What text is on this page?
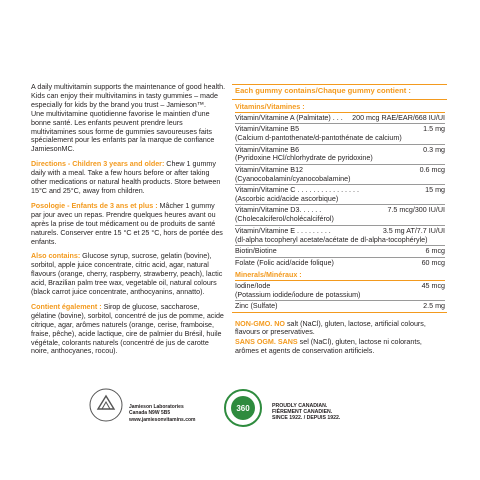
A daily multivitamin supports the maintenance of good health. Kids can enjoy their multivitamins in tasty gummies – made especially for kids by the brand you trust – Jamieson™.

Une multivitamine quotidienne favorise le maintien d’une bonne santé. Les enfants peuvent prendre leurs multivitamines sous forme de gummies savoureuses faits spécialement pour les enfants par la marque de confiance JamiesonMC.

Directions - Children 3 years and older: Chew 1 gummy daily with a meal. Take a few hours before or after taking other medications or natural health products. Store between 15°C and 25°C, away from children.

Posologie - Enfants de 3 ans et plus : Mâcher 1 gummy par jour avec un repas. Prendre quelques heures avant ou après la prise de tout médicament ou de produits de santé naturels. Conserver entre 15 °C et 25 °C, hors de portée des enfants.

Also contains: Glucose syrup, sucrose, gelatin (bovine), sorbitol, apple juice concentrate, citric acid, agar, natural flavours (orange, cherry, raspberry, strawberry, peach), lactic acid, Brazilian palm tree wax, vegetable oil, natural colours (black carrot juice concentrate, anthocyanins, annatto).

Contient également : Sirop de glucose, saccharose, gélatine (bovine), sorbitol, concentré de jus de pomme, acide citrique, agar, arômes naturels (orange, cerise, framboise, fraise, pêche), acide lactique, cire de palmier du Brésil, huile végétale, colorants naturels (concentré de jus de carotte noire, anthocyanes, rocou).

Each gummy contains/Chaque gummy contient :
Vitamins/Vitamines :
Vitamin/Vitamine A (Palmitate) . . . 200 mcg RAE/EAR/668 IU/UI
Vitamin/Vitamine B5	1.5 mg
(Calcium d-pantothenate/d-pantothénate de calcium)
Vitamin/Vitamine B6	0.3 mg
(Pyridoxine HCl/chlorhydrate de pyridoxine)
Vitamin/Vitamine B12	0.6 mcg
(Cyanocobalamin/cyanocobalamine)
Vitamin/Vitamine C . . . . . . . . . . . . . . . .	15 mg
(Ascorbic acid/acide ascorbique)
Vitamin/Vitamine D3. . . . . .	7.5 mcg/300 IU/UI
(Cholecalciferol/cholécalciférol)
Vitamin/Vitamine E . . . . . . . . .	3.5 mg AT/7.7 IU/UI
(dl-alpha tocopheryl acetate/acétate de dl-alpha-tocophéryle)
Biotin/Biotine	6 mcg
Folate (Folic acid/acide folique)	60 mcg
Minerals/Minéraux :
Iodine/Iode	45 mcg
(Potassium iodide/iodure de potassium)
Zinc (Sulfate)	2.5 mg

NON-GMO. NO salt (NaCl), gluten, lactose, artificial colours, flavours or preservatives.

SANS OGM. SANS sel (NaCl), gluten, lactose ni colorants, arômes et agents de conservation artificiels.

Jamieson Laboratories
Canada N9W 5B5
www.jamiesonvitamins.com
360	PROUDLY CANADIAN.
FIÈREMENT CANADIEN.
SINCE 1922. / DEPUIS 1922.
